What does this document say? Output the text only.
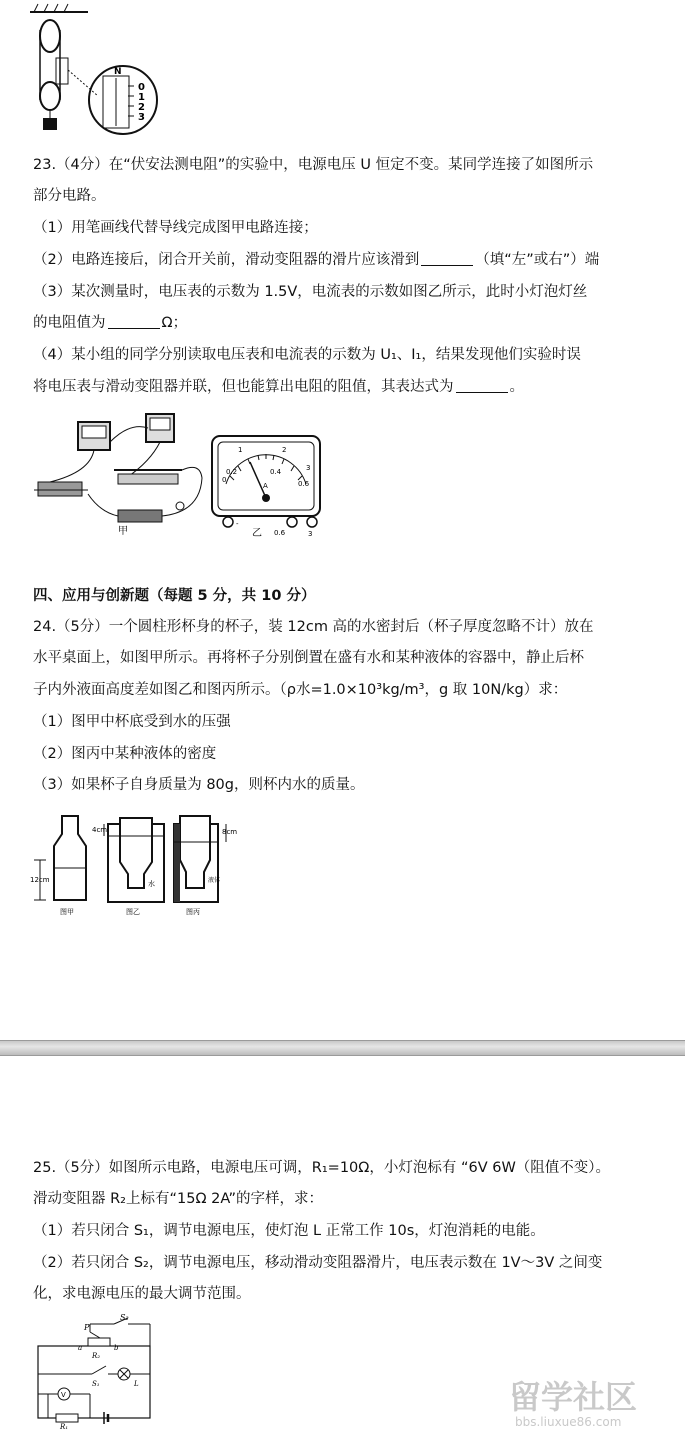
N
0
1
2
3
23.（4分）在“伏安法测电阻”的实验中，电源电压 U 恒定不变。某同学连接了如图所示
部分电路。
（1）用笔画线代替导线完成图甲电路连接；
（2）电路连接后，闭合开关前，滑动变阻器的滑片应该滑到	（填“左”或右”）端
（3）某次测量时，电压表的示数为 1.5V，电流表的示数如图乙所示，此时小灯泡灯丝
的电阻值为	Ω；
（4）某小组的同学分别读取电压表和电流表的示数为 U₁、I₁，结果发现他们实验时误
将电压表与滑动变阻器并联，但也能算出电阻的阻值，其表达式为	。
甲
1	2
3
0
0.2	0.4
0.6
A
-
0.6	3
乙
四、应用与创新题（每题 5 分，共 10 分）
24.（5分）一个圆柱形杯身的杯子，装 12cm 高的水密封后（杯子厚度忽略不计）放在
水平桌面上，如图甲所示。再将杯子分别倒置在盛有水和某种液体的容器中，静止后杯
子内外液面高度差如图乙和图丙所示。（ρ水=1.0×10³kg/m³，g 取 10N/kg）求：
（1）图甲中杯底受到水的压强
（2）图丙中某种液体的密度
（3）如果杯子自身质量为 80g，则杯内水的质量。
12cm
图甲
4cm
水
图乙
8cm
液体
图丙
25.（5分）如图所示电路，电源电压可调，R₁=10Ω，小灯泡标有 “6V 6W（阻值不变）。
滑动变阻器 R₂上标有“15Ω 2A”的字样，求：
（1）若只闭合 S₁，调节电源电压，使灯泡 L 正常工作 10s，灯泡消耗的电能。
（2）若只闭合 S₂，调节电源电压，移动滑动变阻器滑片，电压表示数在 1V～3V 之间变
化，求电源电压的最大调节范围。
S₂
P
a	b
R₂
S₁	L
V
R₁
留学社区
bbs.liuxue86.com
